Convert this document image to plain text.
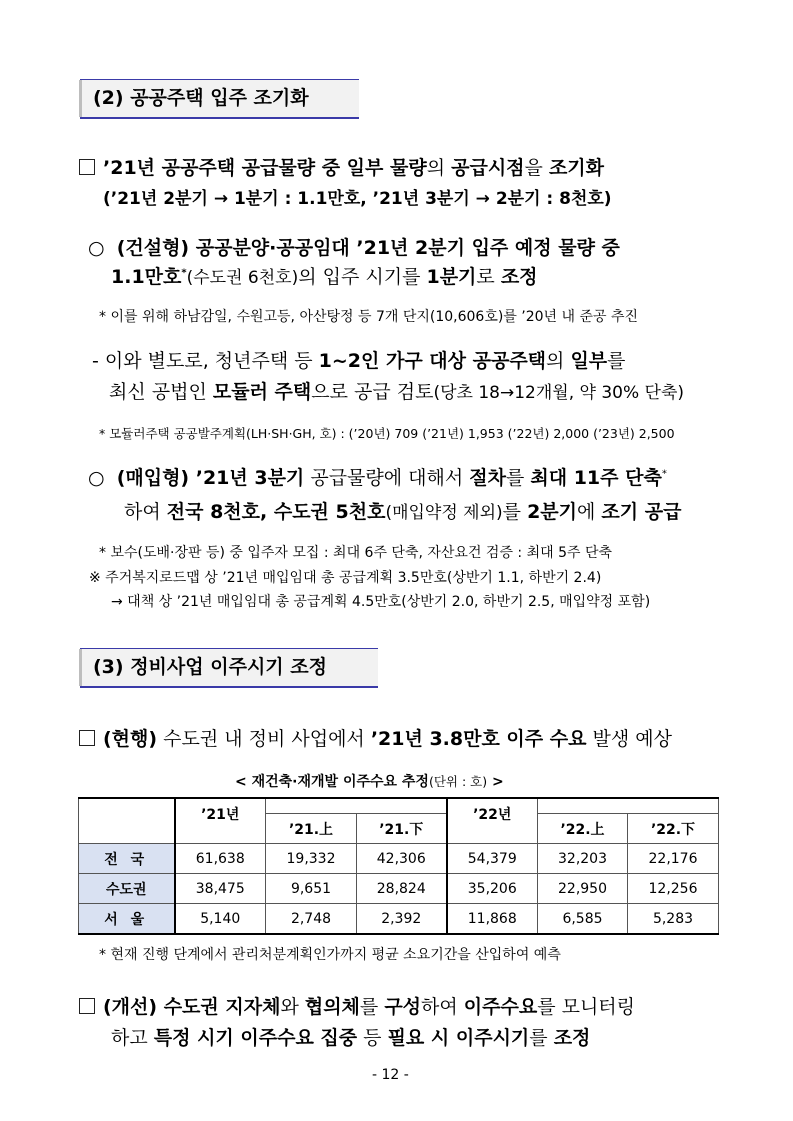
(2) 공공주택 입주 조기화
’21년 공공주택 공급물량 중 일부 물량의 공급시점을 조기화
(’21년 2분기 → 1분기 : 1.1만호, ’21년 3분기 → 2분기 : 8천호)
○ (건설형) 공공분양·공공임대 ’21년 2분기 입주 예정 물량 중
1.1만호*(수도권 6천호)의 입주 시기를 1분기로 조정
* 이를 위해 하남감일, 수원고등, 아산탕정 등 7개 단지(10,606호)를 ’20년 내 준공 추진
- 이와 별도로, 청년주택 등 1~2인 가구 대상 공공주택의 일부를
최신 공법인 모듈러 주택으로 공급 검토(당초 18→12개월, 약 30% 단축)
* 모듈러주택 공공발주계획(LH·SH·GH, 호) : (’20년) 709 (’21년) 1,953 (’22년) 2,000 (’23년) 2,500
○ (매입형) ’21년 3분기 공급물량에 대해서 절차를 최대 11주 단축*
하여 전국 8천호, 수도권 5천호(매입약정 제외)를 2분기에 조기 공급
* 보수(도배·장판 등) 중 입주자 모집 : 최대 6주 단축, 자산요건 검증 : 최대 5주 단축
※ 주거복지로드맵 상 ’21년 매입임대 총 공급계획 3.5만호(상반기 1.1, 하반기 2.4)
→ 대책 상 ’21년 매입임대 총 공급계획 4.5만호(상반기 2.0, 하반기 2.5, 매입약정 포함)
(3) 정비사업 이주시기 조정
(현행) 수도권 내 정비 사업에서 ’21년 3.8만호 이주 수요 발생 예상
< 재건축·재개발 이주수요 추정(단위 : 호) >
	’21년			’22년		
		’21.上	’21.下		’22.上	’22.下
전 국	61,638	19,332	42,306	54,379	32,203	22,176
수도권	38,475	9,651	28,824	35,206	22,950	12,256
서 울	5,140	2,748	2,392	11,868	6,585	5,283
* 현재 진행 단계에서 관리처분계획인가까지 평균 소요기간을 산입하여 예측
(개선) 수도권 지자체와 협의체를 구성하여 이주수요를 모니터링
하고 특정 시기 이주수요 집중 등 필요 시 이주시기를 조정
- 12 -
